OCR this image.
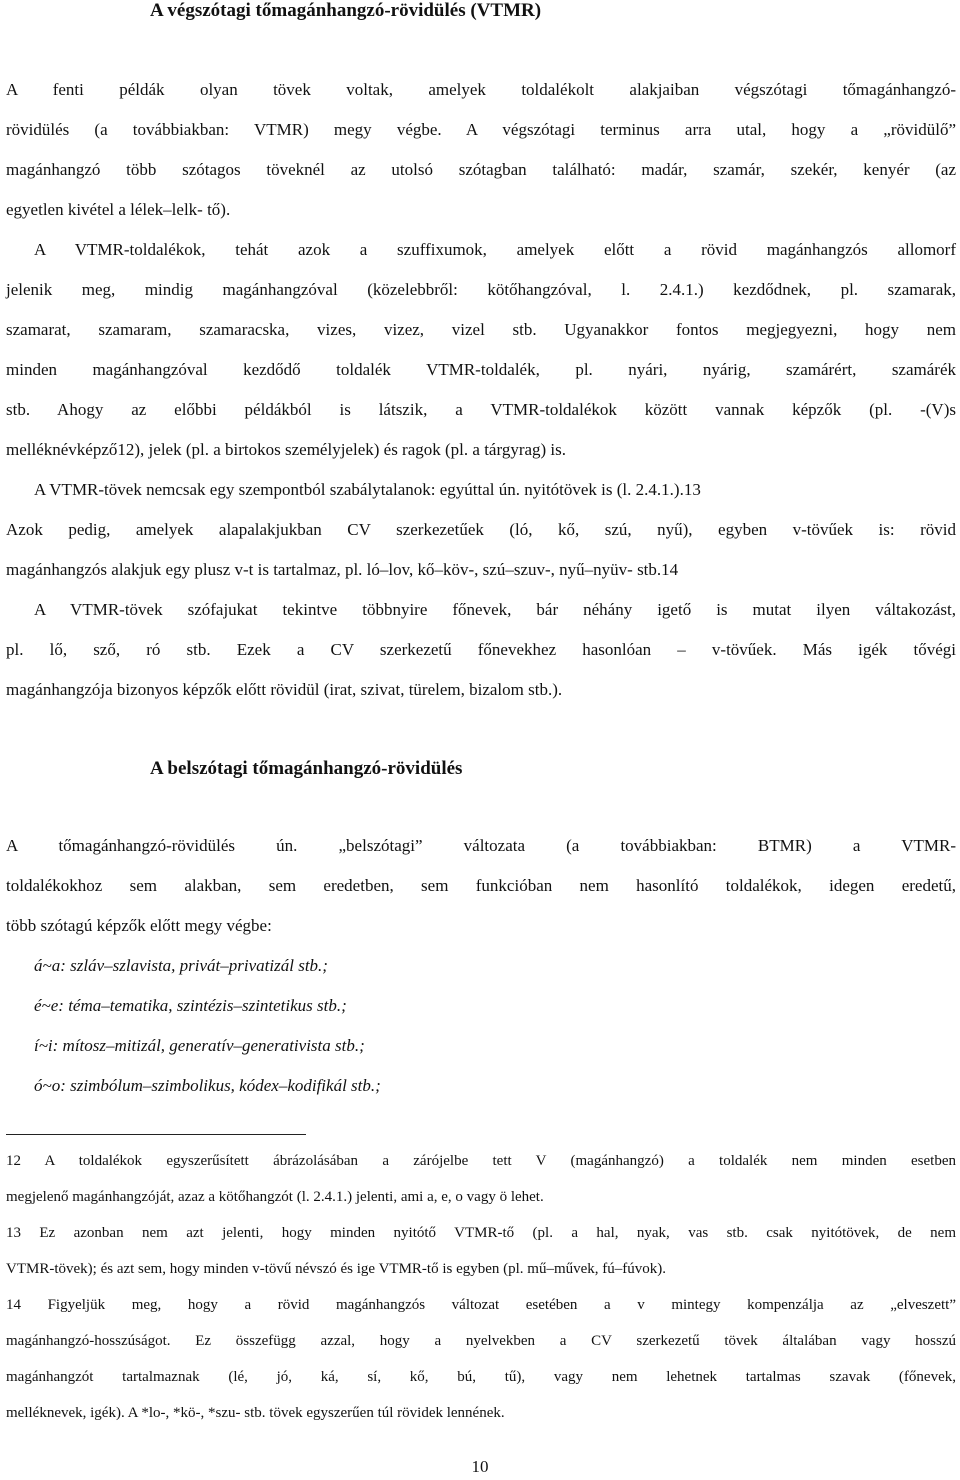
A végszótagi tőmagánhangzó-rövidülés (VTMR)
A fenti példák olyan tövek voltak, amelyek toldalékolt alakjaiban végszótagi tőmagánhangzó-
rövidülés (a továbbiakban: VTMR) megy végbe. A végszótagi terminus arra utal, hogy a „rövidülő”
magánhangzó több szótagos töveknél az utolsó szótagban található: madár, szamár, szekér, kenyér (az
egyetlen kivétel a lélek–lelk- tő).
A VTMR-toldalékok, tehát azok a szuffixumok, amelyek előtt a rövid magánhangzós allomorf
jelenik meg, mindig magánhangzóval (közelebbről: kötőhangzóval, l. 2.4.1.) kezdődnek, pl. szamarak,
szamarat, szamaram, szamaracska, vizes, vizez, vizel stb. Ugyanakkor fontos megjegyezni, hogy nem
minden magánhangzóval kezdődő toldalék VTMR-toldalék, pl. nyári, nyárig, szamárért, szamárék
stb. Ahogy az előbbi példákból is látszik, a VTMR-toldalékok között vannak képzők (pl. -(V)s
melléknévképző12), jelek (pl. a birtokos személyjelek) és ragok (pl. a tárgyrag) is.
A VTMR-tövek nemcsak egy szempontból szabálytalanok: egyúttal ún. nyitótövek is (l. 2.4.1.).13
Azok pedig, amelyek alapalakjukban CV szerkezetűek (ló, kő, szú, nyű), egyben v-tövűek is: rövid
magánhangzós alakjuk egy plusz v-t is tartalmaz, pl. ló–lov, kő–köv-, szú–szuv-, nyű–nyüv- stb.14
A VTMR-tövek szófajukat tekintve többnyire főnevek, bár néhány igető is mutat ilyen váltakozást,
pl. lő, sző, ró stb. Ezek a CV szerkezetű főnevekhez hasonlóan – v-tövűek. Más igék tővégi
magánhangzója bizonyos képzők előtt rövidül (irat, szivat, türelem, bizalom stb.).
A belszótagi tőmagánhangzó-rövidülés
A tőmagánhangzó-rövidülés ún. „belszótagi” változata (a továbbiakban: BTMR) a VTMR-
toldalékokhoz sem alakban, sem eredetben, sem funkcióban nem hasonlító toldalékok, idegen eredetű,
több szótagú képzők előtt megy végbe:
á~a: szláv–szlavista, privát–privatizál stb.;
é~e: téma–tematika, szintézis–szintetikus stb.;
í~i: mítosz–mitizál, generatív–generativista stb.;
ó~o: szimbólum–szimbolikus, kódex–kodifikál stb.;
12 A toldalékok egyszerűsített ábrázolásában a zárójelbe tett V (magánhangzó) a toldalék nem minden esetben
megjelenő magánhangzóját, azaz a kötőhangzót (l. 2.4.1.) jelenti, ami a, e, o vagy ö lehet.
13 Ez azonban nem azt jelenti, hogy minden nyitótő VTMR-tő (pl. a hal, nyak, vas stb. csak nyitótövek, de nem
VTMR-tövek); és azt sem, hogy minden v-tövű névszó és ige VTMR-tő is egyben (pl. mű–művek, fú–fúvok).
14 Figyeljük meg, hogy a rövid magánhangzós változat esetében a v mintegy kompenzálja az „elveszett”
magánhangzó-hosszúságot. Ez összefügg azzal, hogy a nyelvekben a CV szerkezetű tövek általában vagy hosszú
magánhangzót tartalmaznak (lé, jó, ká, sí, kő, bú, tű), vagy nem lehetnek tartalmas szavak (főnevek,
melléknevek, igék). A *lo-, *kö-, *szu- stb. tövek egyszerűen túl rövidek lennének.
10
